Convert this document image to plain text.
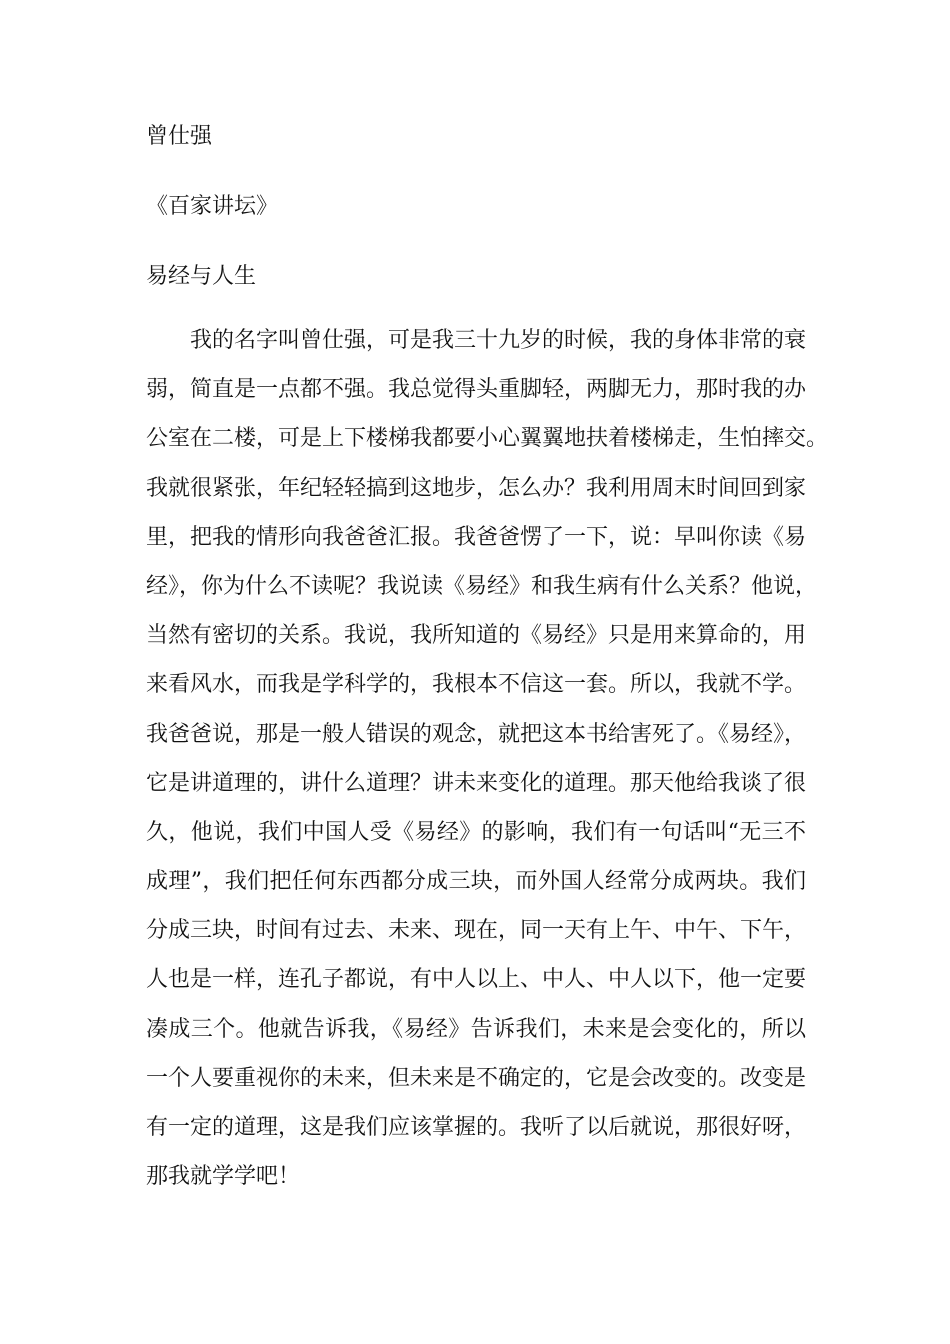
曾仕强
《百家讲坛》
易经与人生

我的名字叫曾仕强，可是我三十九岁的时候，我的身体非常的衰
弱，简直是一点都不强。我总觉得头重脚轻，两脚无力，那时我的办
公室在二楼，可是上下楼梯我都要小心翼翼地扶着楼梯走，生怕摔交。
我就很紧张，年纪轻轻搞到这地步，怎么办？我利用周末时间回到家
里，把我的情形向我爸爸汇报。我爸爸愣了一下，说：早叫你读《易
经》，你为什么不读呢？我说读《易经》和我生病有什么关系？他说，
当然有密切的关系。我说，我所知道的《易经》只是用来算命的，用
来看风水，而我是学科学的，我根本不信这一套。所以，我就不学。
我爸爸说，那是一般人错误的观念，就把这本书给害死了。《易经》，
它是讲道理的，讲什么道理？讲未来变化的道理。那天他给我谈了很
久，他说，我们中国人受《易经》的影响，我们有一句话叫“无三不
成理”，我们把任何东西都分成三块，而外国人经常分成两块。我们
分成三块，时间有过去、未来、现在，同一天有上午、中午、下午，
人也是一样，连孔子都说，有中人以上、中人、中人以下，他一定要
凑成三个。他就告诉我，《易经》告诉我们，未来是会变化的，所以
一个人要重视你的未来，但未来是不确定的，它是会改变的。改变是
有一定的道理，这是我们应该掌握的。我听了以后就说，那很好呀，
那我就学学吧！
